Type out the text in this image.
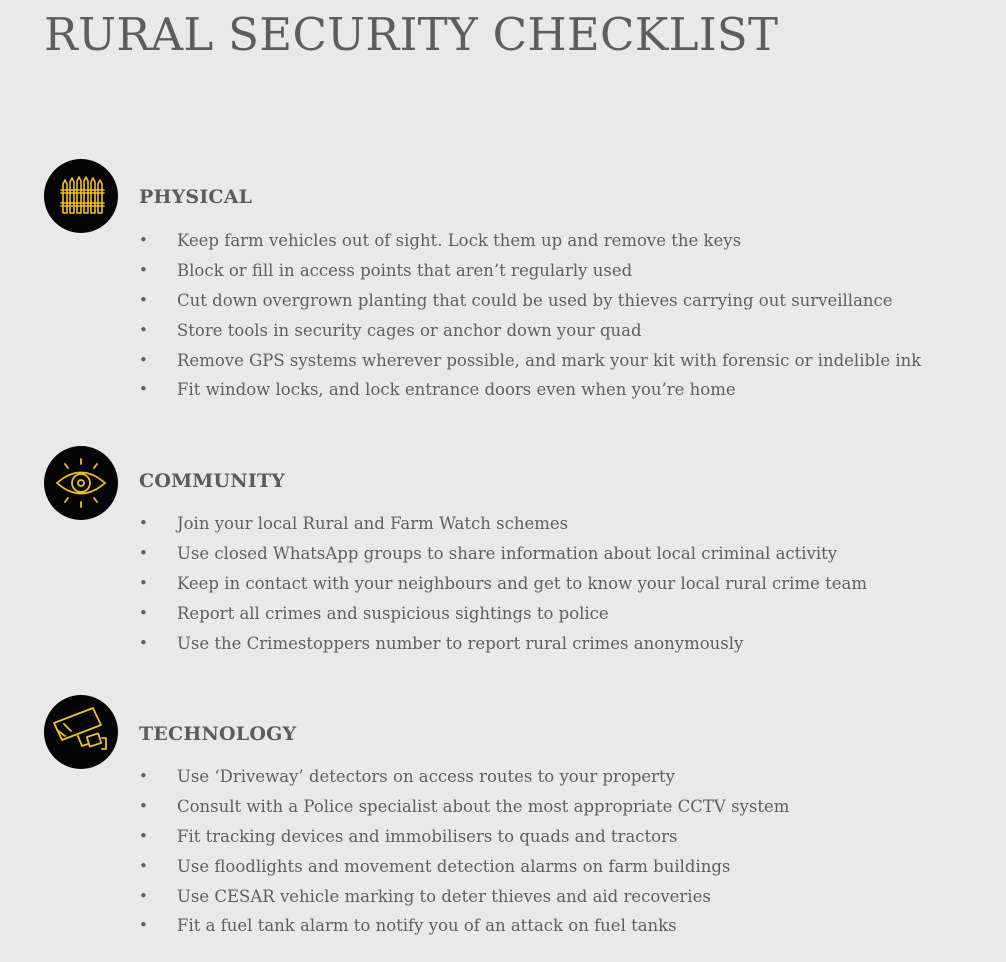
RURAL SECURITY CHECKLIST
PHYSICAL
• Keep farm vehicles out of sight. Lock them up and remove the keys
• Block or fill in access points that aren’t regularly used
• Cut down overgrown planting that could be used by thieves carrying out surveillance
• Store tools in security cages or anchor down your quad
• Remove GPS systems wherever possible, and mark your kit with forensic or indelible ink
• Fit window locks, and lock entrance doors even when you’re home
COMMUNITY
• Join your local Rural and Farm Watch schemes
• Use closed WhatsApp groups to share information about local criminal activity
• Keep in contact with your neighbours and get to know your local rural crime team
• Report all crimes and suspicious sightings to police
• Use the Crimestoppers number to report rural crimes anonymously
TECHNOLOGY
• Use ‘Driveway’ detectors on access routes to your property
• Consult with a Police specialist about the most appropriate CCTV system
• Fit tracking devices and immobilisers to quads and tractors
• Use floodlights and movement detection alarms on farm buildings
• Use CESAR vehicle marking to deter thieves and aid recoveries
• Fit a fuel tank alarm to notify you of an attack on fuel tanks
